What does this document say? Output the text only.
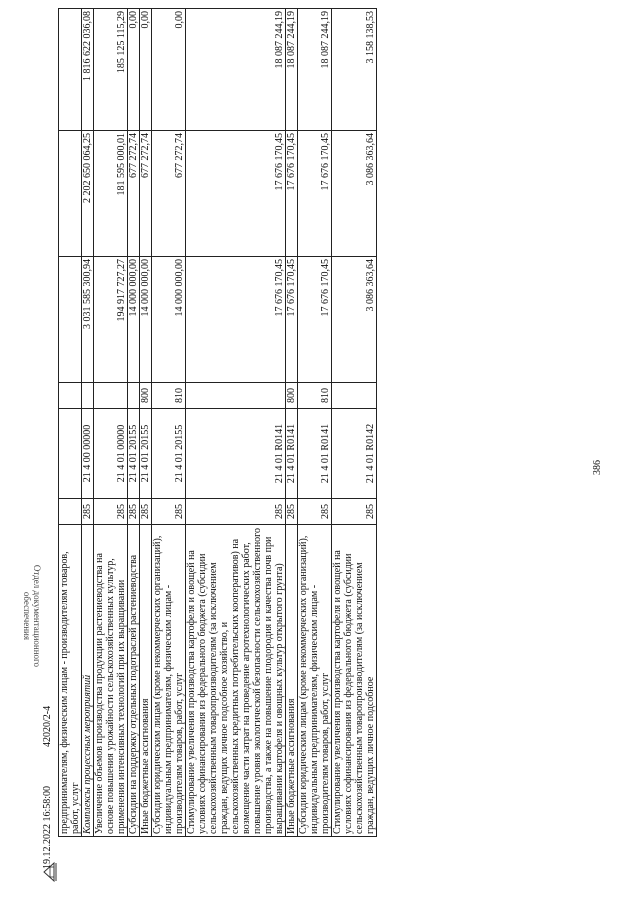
Отдел документационного
обеспечения
19.12.2022 16:58:00
42020/2-4
386
предпринимателям, физическим лицам - производителям товаров, работ, услуг						
Комплексы процессных мероприятий	285	21 4 00 00000		3 031 585 300,94	2 202 650 064,25	1 816 622 036,08
Увеличение объемов производства продукции растениеводства на основе повышения урожайности сельскохозяйственных культур, применения интенсивных технологий при их выращивании	285	21 4 01 00000		194 917 727,27	181 595 000,01	185 125 115,29
Субсидии на поддержку отдельных подотраслей растениеводства	285	21 4 01 20155		14 000 000,00	677 272,74	0,00
Иные бюджетные ассигнования	285	21 4 01 20155	800	14 000 000,00	677 272,74	0,00
Субсидии юридическим лицам (кроме некоммерческих организаций), индивидуальным предпринимателям, физическим лицам - производителям товаров, работ, услуг	285	21 4 01 20155	810	14 000 000,00	677 272,74	0,00
Стимулирование увеличения производства картофеля и овощей на условиях софинансирования из федерального бюджета (субсидии сельскохозяйственным товаропроизводителям (за исключением граждан, ведущих личное подсобное хозяйство, и сельскохозяйственных кредитных потребительских кооперативов) на возмещение части затрат на проведение агротехнологических работ, повышение уровня экологической безопасности сельскохозяйственного производства, а также на повышение плодородия и качества почв при выращивании картофеля и овощных культур открытого грунта)	285	21 4 01 R0141		17 676 170,45	17 676 170,45	18 087 244,19
Иные бюджетные ассигнования	285	21 4 01 R0141	800	17 676 170,45	17 676 170,45	18 087 244,19
Субсидии юридическим лицам (кроме некоммерческих организаций), индивидуальным предпринимателям, физическим лицам - производителям товаров, работ, услуг	285	21 4 01 R0141	810	17 676 170,45	17 676 170,45	18 087 244,19
Стимулирование увеличения производства картофеля и овощей на условиях софинансирования из федерального бюджета (субсидии сельскохозяйственным товаропроизводителям (за исключением граждан, ведущих личное подсобное	285	21 4 01 R0142		3 086 363,64	3 086 363,64	3 158 138,53
